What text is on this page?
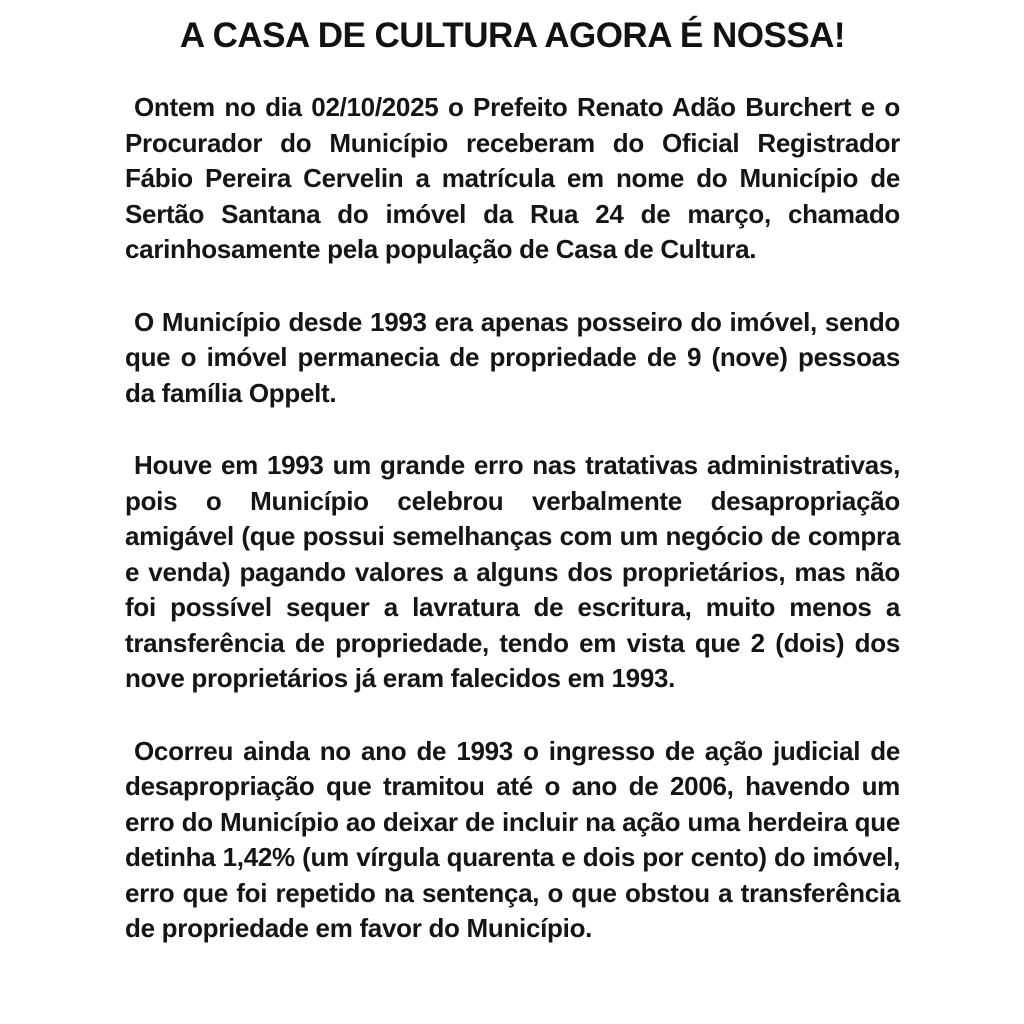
A CASA DE CULTURA AGORA É NOSSA!

Ontem no dia 02/10/2025 o Prefeito Renato Adão Burchert e o Procurador do Município receberam do Oficial Registrador Fábio Pereira Cervelin a matrícula em nome do Município de Sertão Santana do imóvel da Rua 24 de março, chamado carinhosamente pela população de Casa de Cultura.

O Município desde 1993 era apenas posseiro do imóvel, sendo que o imóvel permanecia de propriedade de 9 (nove) pessoas da família Oppelt.

Houve em 1993 um grande erro nas tratativas administrativas, pois o Município celebrou verbalmente desapropriação amigável (que possui semelhanças com um negócio de compra e venda) pagando valores a alguns dos proprietários, mas não foi possível sequer a lavratura de escritura, muito menos a transferência de propriedade, tendo em vista que 2 (dois) dos nove proprietários já eram falecidos em 1993.

Ocorreu ainda no ano de 1993 o ingresso de ação judicial de desapropriação que tramitou até o ano de 2006, havendo um erro do Município ao deixar de incluir na ação uma herdeira que detinha 1,42% (um vírgula quarenta e dois por cento) do imóvel, erro que foi repetido na sentença, o que obstou a transferência de propriedade em favor do Município.
